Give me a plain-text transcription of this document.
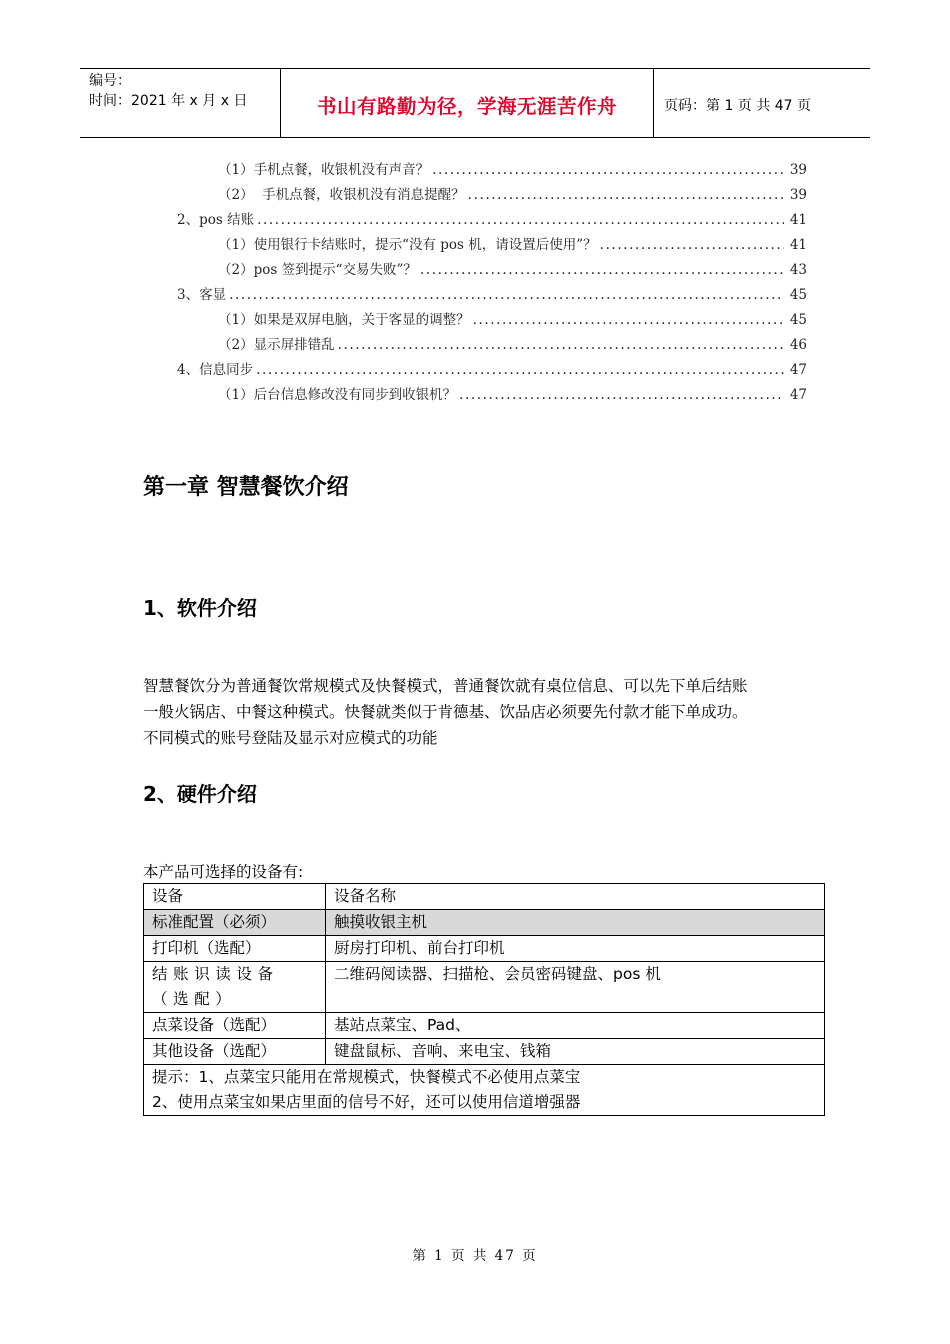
编号：
时间：2021 年 x 月 x 日	书山有路勤为径，学海无涯苦作舟	页码：第 1 页 共 47 页
（1）手机点餐，收银机没有声音？ .....	39
（2）  手机点餐，收银机没有消息提醒？ .....	39
2、pos 结账 .....	41
（1）使用银行卡结账时，提示“没有 pos 机，请设置后使用”？ .....	41
（2）pos 签到提示“交易失败”？ .....	43
3、客显 .....	45
（1）如果是双屏电脑，关于客显的调整？ .....	45
（2）显示屏排错乱 .....	46
4、信息同步 .....	47
（1）后台信息修改没有同步到收银机？ .....	47
第一章 智慧餐饮介绍
1、软件介绍

智慧餐饮分为普通餐饮常规模式及快餐模式，普通餐饮就有桌位信息、可以先下单后结账

一般火锅店、中餐这种模式。快餐就类似于肯德基、饮品店必须要先付款才能下单成功。

不同模式的账号登陆及显示对应模式的功能

2、硬件介绍
本产品可选择的设备有:
设备	设备名称
标准配置（必须）	触摸收银主机
打印机（选配）	厨房打印机、前台打印机
结账识读设备（选配）	二维码阅读器、扫描枪、会员密码键盘、pos 机
点菜设备（选配）	基站点菜宝、Pad、
其他设备（选配）	键盘鼠标、音响、来电宝、钱箱

提示：1、点菜宝只能用在常规模式，快餐模式不必使用点菜宝
2、使用点菜宝如果店里面的信号不好，还可以使用信道增强器	
第 1 页 共 47 页
